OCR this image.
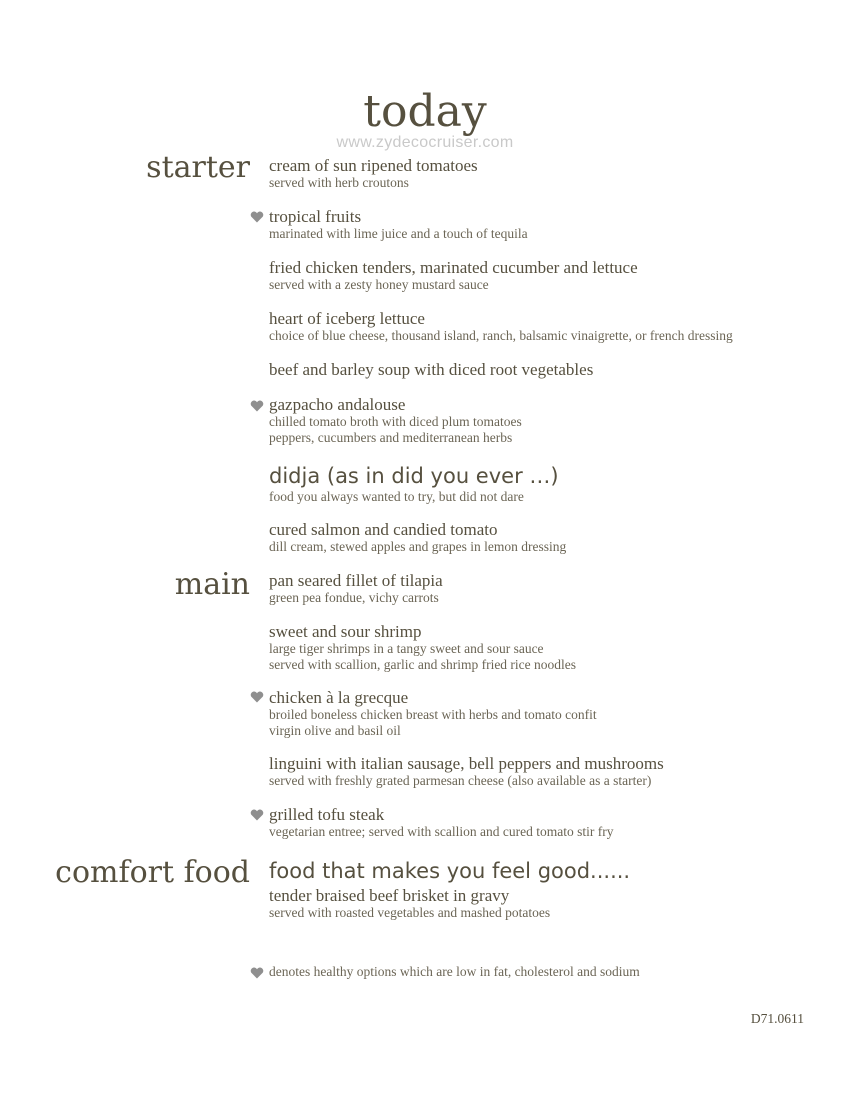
today
www.zydecocruiser.com
starter
main
comfort food
cream of sun ripened tomatoes
served with herb croutons
tropical fruits
marinated with lime juice and a touch of tequila
fried chicken tenders, marinated cucumber and lettuce
served with a zesty honey mustard sauce
heart of iceberg lettuce
choice of blue cheese, thousand island, ranch, balsamic vinaigrette, or french dressing
beef and barley soup with diced root vegetables
gazpacho andalouse
chilled tomato broth with diced plum tomatoes
peppers, cucumbers and mediterranean herbs
didja (as in did you ever …)
food you always wanted to try, but did not dare
cured salmon and candied tomato
dill cream, stewed apples and grapes in lemon dressing
pan seared fillet of tilapia
green pea fondue, vichy carrots
sweet and sour shrimp
large tiger shrimps in a tangy sweet and sour sauce
served with scallion, garlic and shrimp fried rice noodles
chicken à la grecque
broiled boneless chicken breast with herbs and tomato confit
virgin olive and basil oil
linguini with italian sausage, bell peppers and mushrooms
served with freshly grated parmesan cheese (also available as a starter)
grilled tofu steak
vegetarian entree; served with scallion and cured tomato stir fry
food that makes you feel good......
tender braised beef brisket in gravy
served with roasted vegetables and mashed potatoes
denotes healthy options which are low in fat, cholesterol and sodium
D71.0611
